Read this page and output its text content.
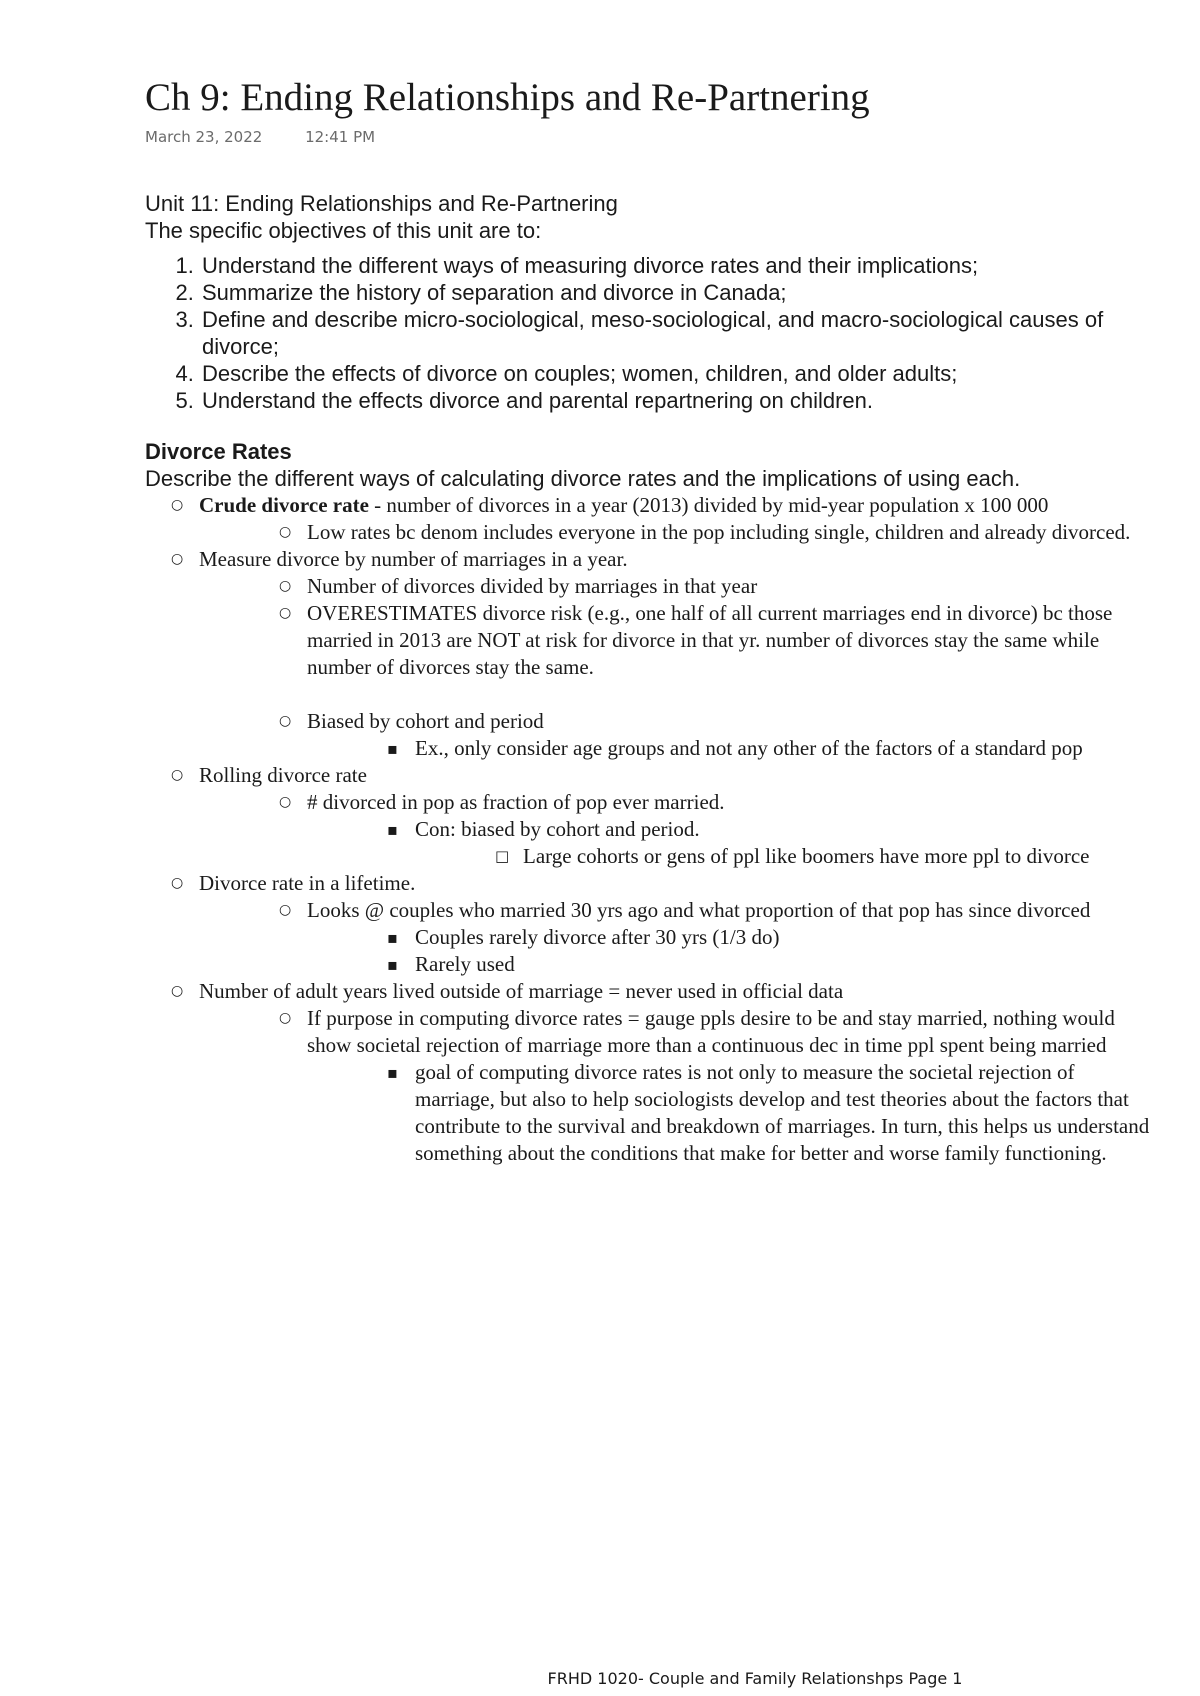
Ch 9: Ending Relationships and Re-Partnering
March 23, 2022	12:41 PM
Unit 11: Ending Relationships and Re-Partnering
The specific objectives of this unit are to:
1. Understand the different ways of measuring divorce rates and their implications;
2. Summarize the history of separation and divorce in Canada;
3. Define and describe micro-sociological, meso-sociological, and macro-sociological causes of divorce;
4. Describe the effects of divorce on couples; women, children, and older adults;
5. Understand the effects divorce and parental repartnering on children.
Divorce Rates
Describe the different ways of calculating divorce rates and the implications of using each.
○ Crude divorce rate - number of divorces in a year (2013) divided by mid-year population x 100 000
○ Low rates bc denom includes everyone in the pop including single, children and already divorced.
○ Measure divorce by number of marriages in a year.
○ Number of divorces divided by marriages in that year
○ OVERESTIMATES divorce risk (e.g., one half of all current marriages end in divorce) bc those married in 2013 are NOT at risk for divorce in that yr. number of divorces stay the same while number of divorces stay the same.
○ Biased by cohort and period
▪ Ex., only consider age groups and not any other of the factors of a standard pop
○ Rolling divorce rate
○ # divorced in pop as fraction of pop ever married.
▪ Con: biased by cohort and period.
□ Large cohorts or gens of ppl like boomers have more ppl to divorce
○ Divorce rate in a lifetime.
○ Looks @ couples who married 30 yrs ago and what proportion of that pop has since divorced
▪ Couples rarely divorce after 30 yrs (1/3 do)
▪ Rarely used
○ Number of adult years lived outside of marriage = never used in official data
○ If purpose in computing divorce rates = gauge ppls desire to be and stay married, nothing would show societal rejection of marriage more than a continuous dec in time ppl spent being married
▪ goal of computing divorce rates is not only to measure the societal rejection of marriage, but also to help sociologists develop and test theories about the factors that contribute to the survival and breakdown of marriages. In turn, this helps us understand something about the conditions that make for better and worse family functioning.
FRHD 1020- Couple and Family Relationshps Page 1
